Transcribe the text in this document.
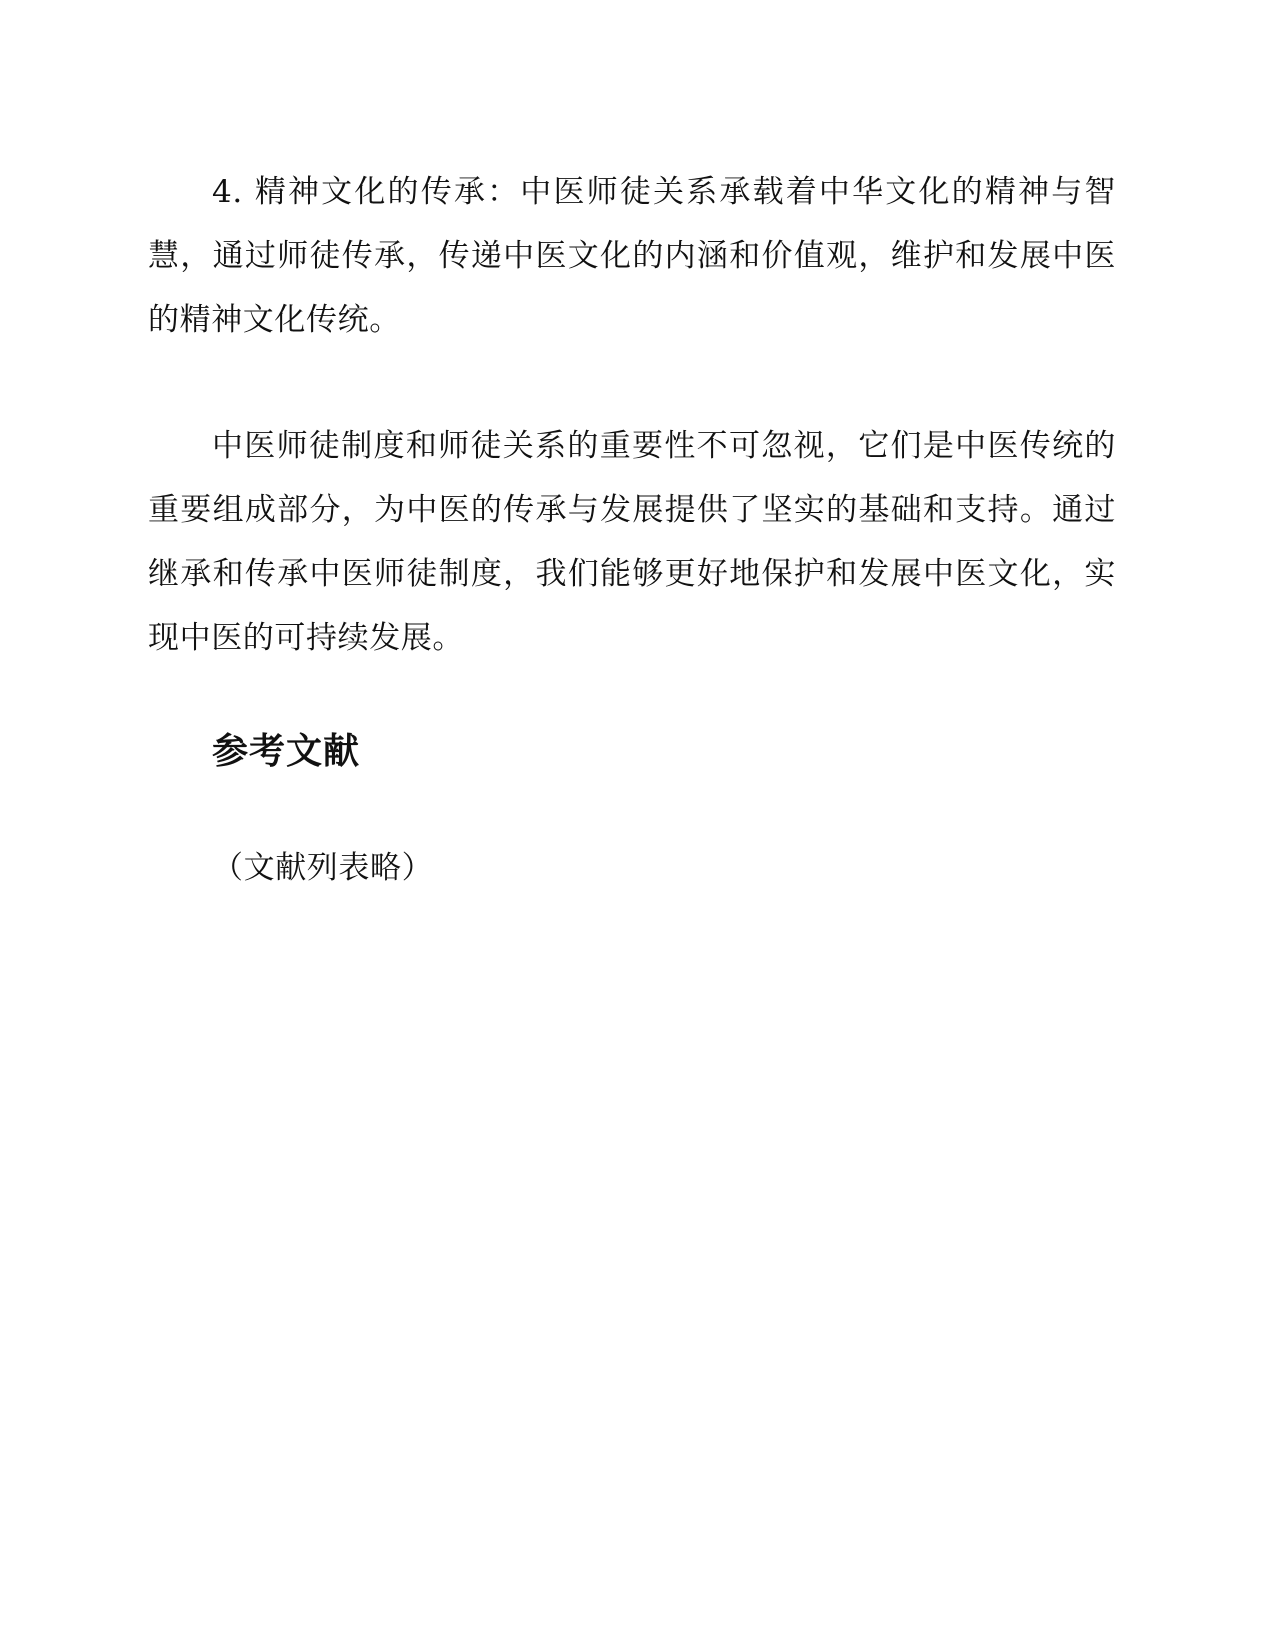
4. 精神文化的传承：中医师徒关系承载着中华文化的精神与智慧，通过师徒传承，传递中医文化的内涵和价值观，维护和发展中医的精神文化传统。

中医师徒制度和师徒关系的重要性不可忽视，它们是中医传统的重要组成部分，为中医的传承与发展提供了坚实的基础和支持。通过继承和传承中医师徒制度，我们能够更好地保护和发展中医文化，实现中医的可持续发展。

参考文献

（文献列表略）
